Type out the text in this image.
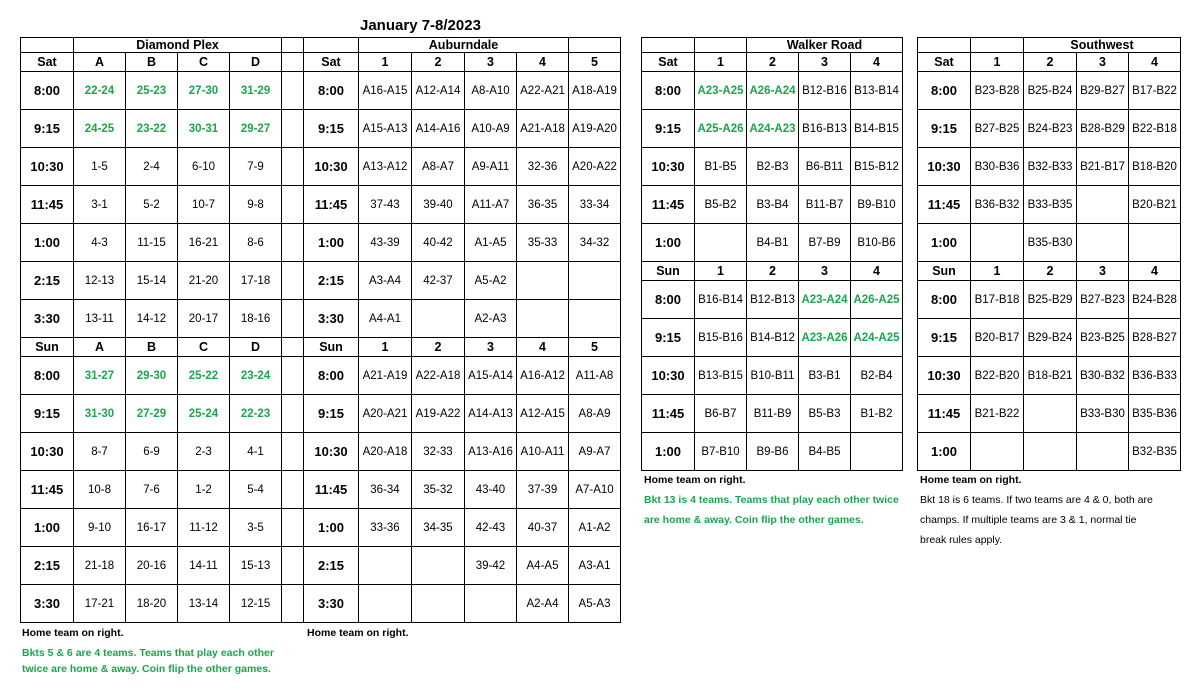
January 7-8/2023
	Diamond Plex				
Sat	A	B	C	D	
8:00	22-24	25-23	27-30	31-29	
9:15	24-25	23-22	30-31	29-27	
10:30	1-5	2-4	6-10	7-9	
11:45	3-1	5-2	10-7	9-8	
1:00	4-3	11-15	16-21	8-6	
2:15	12-13	15-14	21-20	17-18	
3:30	13-11	14-12	20-17	18-16	
Sun	A	B	C	D	
8:00	31-27	29-30	25-22	23-24	
9:15	31-30	27-29	25-24	22-23	
10:30	8-7	6-9	2-3	4-1	
11:45	10-8	7-6	1-2	5-4	
1:00	9-10	16-17	11-12	3-5	
2:15	21-18	20-16	14-11	15-13	
3:30	17-21	18-20	13-14	12-15	
	Auburndale				
Sat	1	2	3	4	5
8:00	A16-A15	A12-A14	A8-A10	A22-A21	A18-A19
9:15	A15-A13	A14-A16	A10-A9	A21-A18	A19-A20
10:30	A13-A12	A8-A7	A9-A11	32-36	A20-A22
11:45	37-43	39-40	A11-A7	36-35	33-34
1:00	43-39	40-42	A1-A5	35-33	34-32
2:15	A3-A4	42-37	A5-A2		
3:30	A4-A1		A2-A3		
Sun	1	2	3	4	5
8:00	A21-A19	A22-A18	A15-A14	A16-A12	A11-A8
9:15	A20-A21	A19-A22	A14-A13	A12-A15	A8-A9
10:30	A20-A18	32-33	A13-A16	A10-A11	A9-A7
11:45	36-34	35-32	43-40	37-39	A7-A10
1:00	33-36	34-35	42-43	40-37	A1-A2
2:15			39-42	A4-A5	A3-A1
3:30				A2-A4	A5-A3
		Walker Road		
Sat	1	2	3	4
8:00	A23-A25	A26-A24	B12-B16	B13-B14
9:15	A25-A26	A24-A23	B16-B13	B14-B15
10:30	B1-B5	B2-B3	B6-B11	B15-B12
11:45	B5-B2	B3-B4	B11-B7	B9-B10
1:00		B4-B1	B7-B9	B10-B6
Sun	1	2	3	4
8:00	B16-B14	B12-B13	A23-A24	A26-A25
9:15	B15-B16	B14-B12	A23-A26	A24-A25
10:30	B13-B15	B10-B11	B3-B1	B2-B4
11:45	B6-B7	B11-B9	B5-B3	B1-B2
1:00	B7-B10	B9-B6	B4-B5	
		Southwest		
Sat	1	2	3	4
8:00	B23-B28	B25-B24	B29-B27	B17-B22
9:15	B27-B25	B24-B23	B28-B29	B22-B18
10:30	B30-B36	B32-B33	B21-B17	B18-B20
11:45	B36-B32	B33-B35		B20-B21
1:00		B35-B30		
Sun	1	2	3	4
8:00	B17-B18	B25-B29	B27-B23	B24-B28
9:15	B20-B17	B29-B24	B23-B25	B28-B27
10:30	B22-B20	B18-B21	B30-B32	B36-B33
11:45	B21-B22		B33-B30	B35-B36
1:00				B32-B35
Home team on right.
Bkts 5 & 6 are 4 teams. Teams that play each other
twice are home & away. Coin flip the other games.
Home team on right.
Home team on right.
Bkt 13 is 4 teams. Teams that play each other twice
are home & away. Coin flip the other games.
Home team on right.
Bkt 18 is 6 teams. If two teams are 4 & 0, both are
champs. If multiple teams are 3 & 1, normal tie
break rules apply.
